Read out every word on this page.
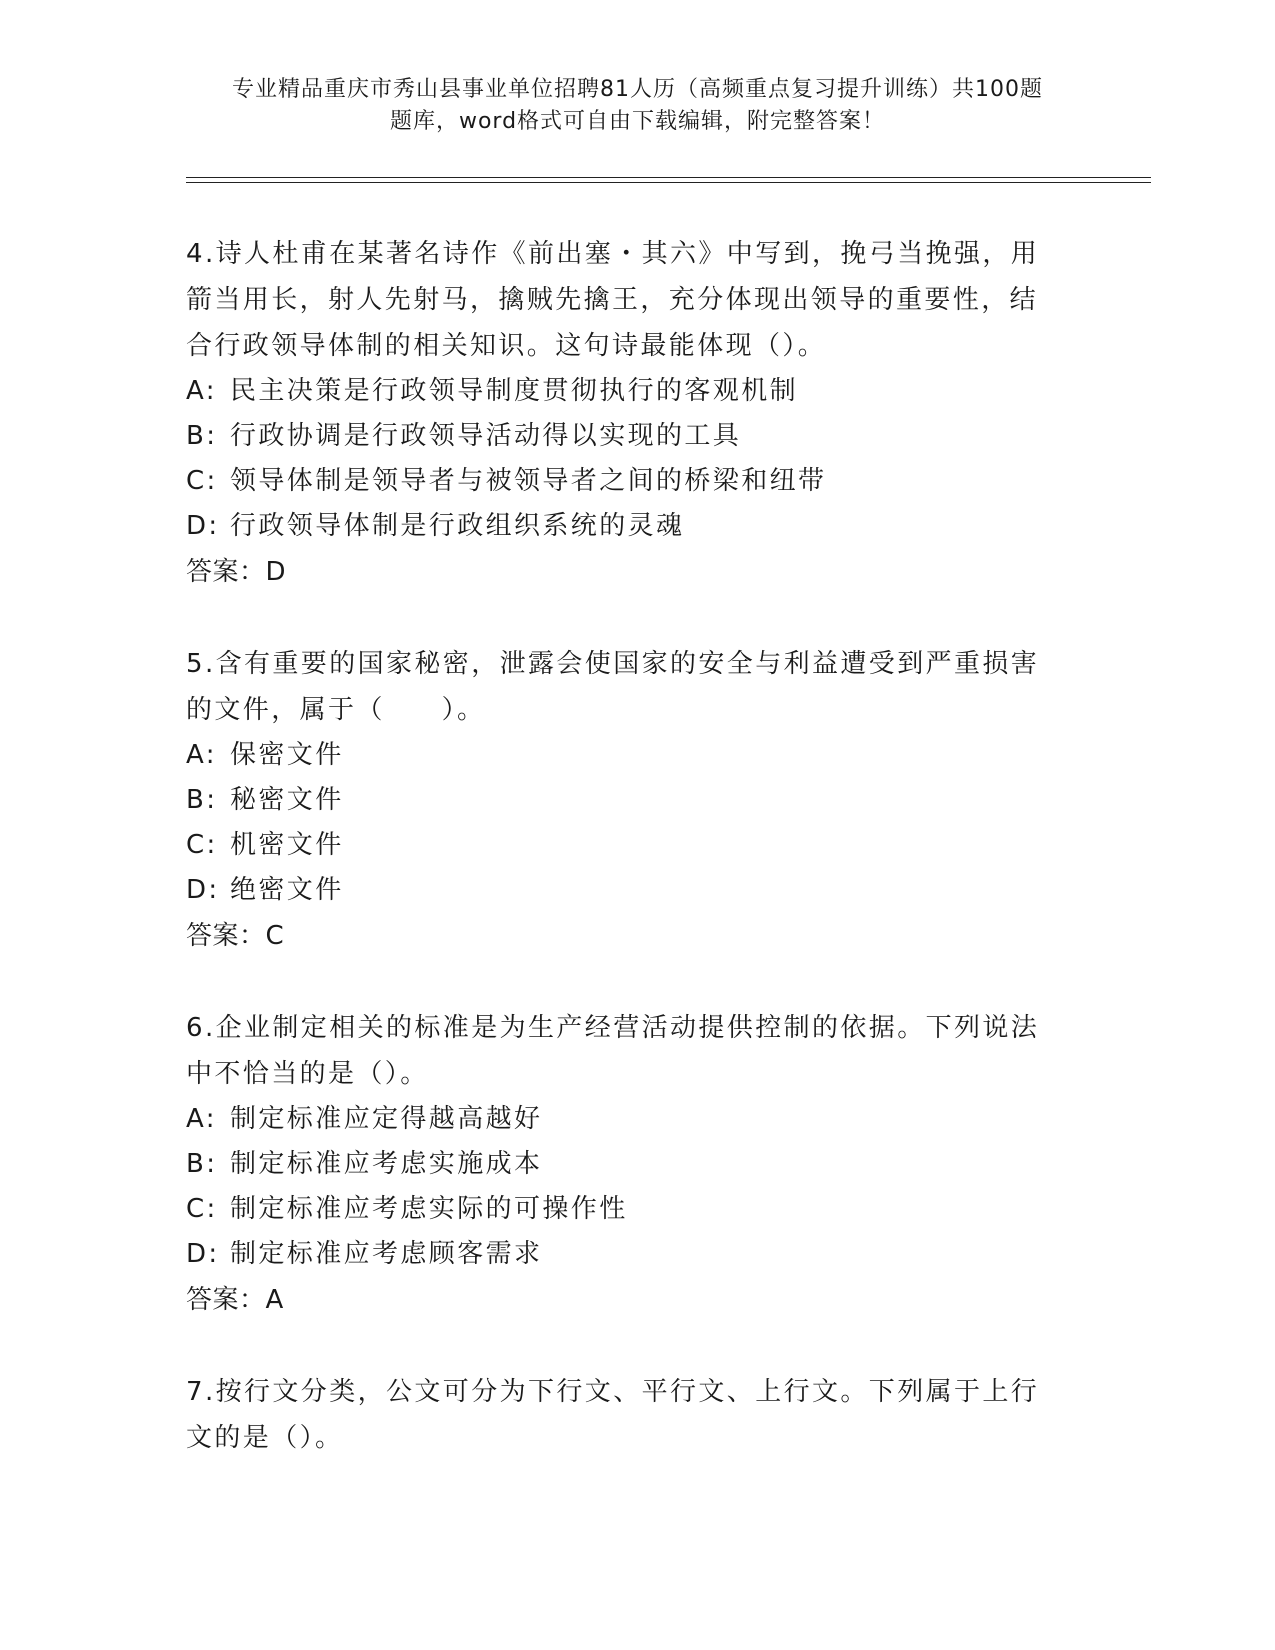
专业精品重庆市秀山县事业单位招聘81人历（高频重点复习提升训练）共100题
题库，word格式可自由下载编辑，附完整答案！
4.诗人杜甫在某著名诗作《前出塞・其六》中写到，挽弓当挽强，用
箭当用长，射人先射马，擒贼先擒王，充分体现出领导的重要性，结
合行政领导体制的相关知识。这句诗最能体现（）。
A: 民主决策是行政领导制度贯彻执行的客观机制
B: 行政协调是行政领导活动得以实现的工具
C: 领导体制是领导者与被领导者之间的桥梁和纽带
D: 行政领导体制是行政组织系统的灵魂
答案：D
5.含有重要的国家秘密，泄露会使国家的安全与利益遭受到严重损害
的文件，属于（　　）。
A: 保密文件
B: 秘密文件
C: 机密文件
D: 绝密文件
答案：C
6.企业制定相关的标准是为生产经营活动提供控制的依据。下列说法
中不恰当的是（）。
A: 制定标准应定得越高越好
B: 制定标准应考虑实施成本
C: 制定标准应考虑实际的可操作性
D: 制定标准应考虑顾客需求
答案：A
7.按行文分类，公文可分为下行文、平行文、上行文。下列属于上行
文的是（）。
